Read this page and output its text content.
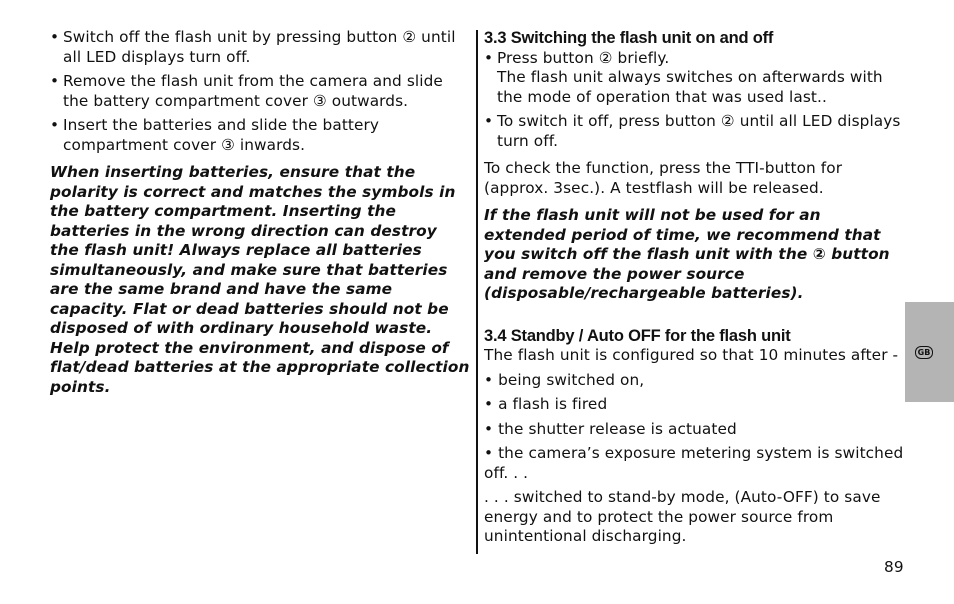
• Switch off the flash unit by pressing button ② until all LED displays turn off.

• Remove the flash unit from the camera and slide the battery compartment cover ③ outwards.

• Insert the batteries and slide the battery compartment cover ③ inwards.

When inserting batteries, ensure that the polarity is correct and matches the symbols in the battery compartment. Inserting the batteries in the wrong direction can destroy the flash unit! Always replace all batteries simultaneously, and make sure that batteries are the same brand and have the same capacity. Flat or dead batteries should not be disposed of with ordinary household waste. Help protect the environment, and dispose of flat/dead batteries at the appropriate collection points.

3.3 Switching the flash unit on and off

• Press button ② briefly.

The flash unit always switches on afterwards with the mode of operation that was used last..

• To switch it off, press button ② until all LED displays turn off.

To check the function, press the TTI-button for (approx. 3sec.). A testflash will be released.

If the flash unit will not be used for an extended period of time, we recommend that you switch off the flash unit with the ② button and remove the power source (disposable/rechargeable batteries).

3.4 Standby / Auto OFF for the flash unit

The flash unit is configured so that 10 minutes after -

• being switched on,

• a flash is fired

• the shutter release is actuated

• the camera’s exposure metering system is switched off. . .

. . . switched to stand-by mode, (Auto-OFF) to save energy and to protect the power source from unintentional discharging.

GB
89
